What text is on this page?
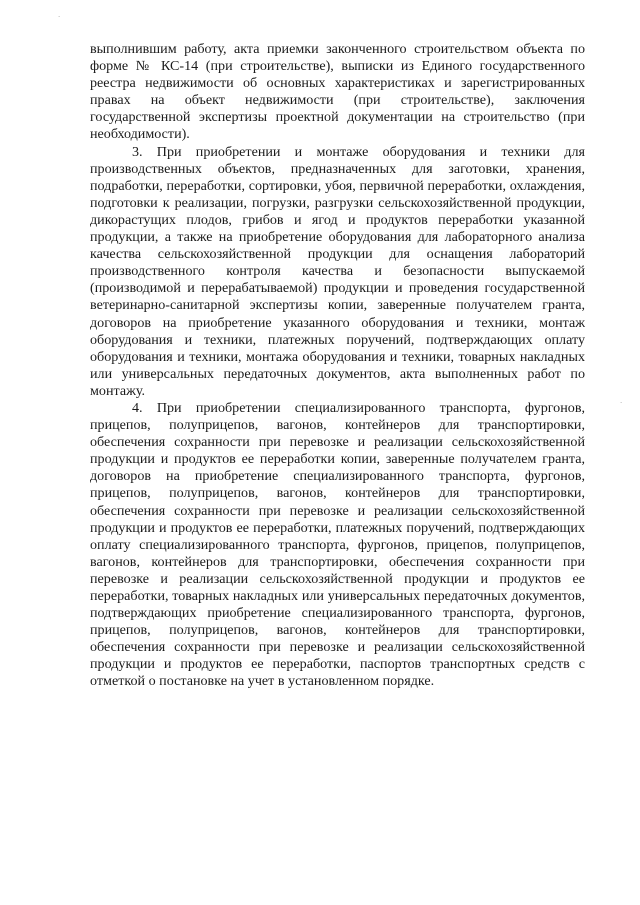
·
·

выполнившим работу, акта приемки законченного строительством объекта по форме № КС-14 (при строительстве), выписки из Единого государственного реестра недвижимости об основных характеристиках и зарегистрированных правах на объект недвижимости (при строительстве), заключения государственной экспертизы проектной документации на строительство (при необходимости).

3. При приобретении и монтаже оборудования и техники для производственных объектов, предназначенных для заготовки, хранения, подработки, переработки, сортировки, убоя, первичной переработки, охлаждения, подготовки к реализации, погрузки, разгрузки сельскохозяйственной продукции, дикорастущих плодов, грибов и ягод и продуктов переработки указанной продукции, а также на приобретение оборудования для лабораторного анализа качества сельскохозяйственной продукции для оснащения лабораторий производственного контроля качества и безопасности выпускаемой (производимой и перерабатываемой) продукции и проведения государственной ветеринарно-санитарной экспертизы копии, заверенные получателем гранта, договоров на приобретение указанного оборудования и техники, монтаж оборудования и техники, платежных поручений, подтверждающих оплату оборудования и техники, монтажа оборудования и техники, товарных накладных или универсальных передаточных документов, акта выполненных работ по монтажу.

4. При приобретении специализированного транспорта, фургонов, прицепов, полуприцепов, вагонов, контейнеров для транспортировки, обеспечения сохранности при перевозке и реализации сельскохозяйственной продукции и продуктов ее переработки копии, заверенные получателем гранта, договоров на приобретение специализированного транспорта, фургонов, прицепов, полуприцепов, вагонов, контейнеров для транспортировки, обеспечения сохранности при перевозке и реализации сельскохозяйственной продукции и продуктов ее переработки, платежных поручений, подтверждающих оплату специализированного транспорта, фургонов, прицепов, полуприцепов, вагонов, контейнеров для транспортировки, обеспечения сохранности при перевозке и реализации сельскохозяйственной продукции и продуктов ее переработки, товарных накладных или универсальных передаточных документов, подтверждающих приобретение специализированного транспорта, фургонов, прицепов, полуприцепов, вагонов, контейнеров для транспортировки, обеспечения сохранности при перевозке и реализации сельскохозяйственной продукции и продуктов ее переработки, паспортов транспортных средств с отметкой о постановке на учет в установленном порядке.
